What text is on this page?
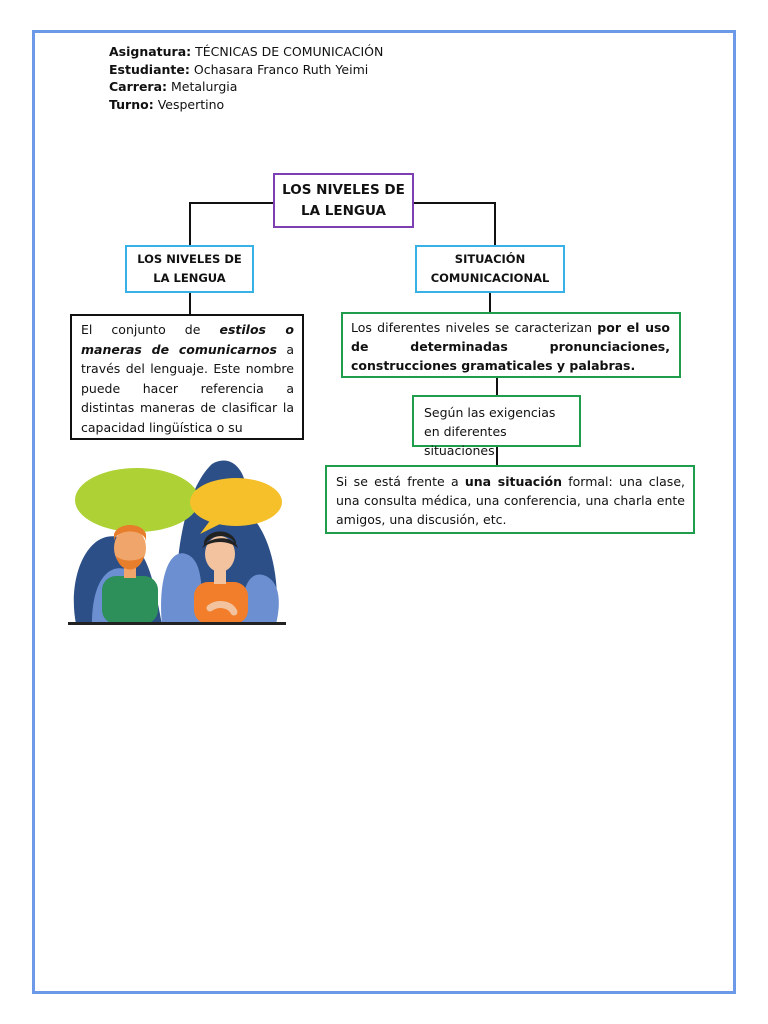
Asignatura: TÉCNICAS DE COMUNICACIÓN
Estudiante: Ochasara Franco Ruth Yeimi
Carrera: Metalurgia
Turno: Vespertino
LOS NIVELES DE
LA LENGUA
LOS NIVELES DE
LA LENGUA
SITUACIÓN
COMUNICACIONAL
El conjunto de estilos o maneras de comunicarnos a través del lenguaje. Este nombre puede hacer referencia a distintas maneras de clasificar la capacidad lingüística o su
Los diferentes niveles se caracterizan por el uso de determinadas pronunciaciones, construcciones gramaticales y palabras.
Según las exigencias en diferentes situaciones.
Si se está frente a una situación formal: una clase, una consulta médica, una conferencia, una charla ente amigos, una discusión, etc.
